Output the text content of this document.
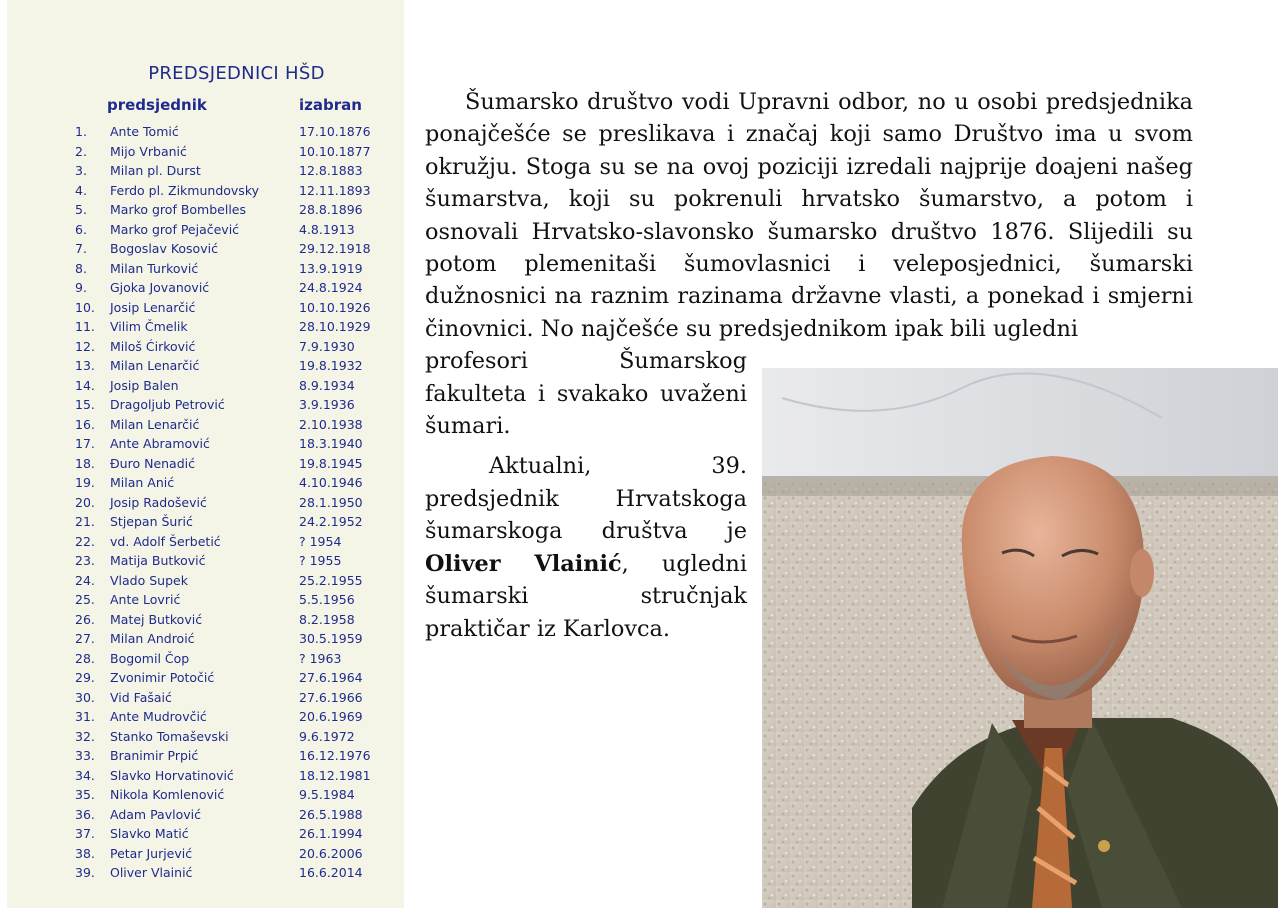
PREDSJEDNICI HŠD
predsjednik	izabran
1. Ante Tomić	17.10.1876
2. Mijo Vrbanić	10.10.1877
3. Milan pl. Durst	12.8.1883
4. Ferdo pl. Zikmundovsky	12.11.1893
5. Marko grof Bombelles	28.8.1896
6. Marko grof Pejačević	4.8.1913
7. Bogoslav Kosović	29.12.1918
8. Milan Turković	13.9.1919
9. Gjoka Jovanović	24.8.1924
10. Josip Lenarčić	10.10.1926
11. Vilim Čmelik	28.10.1929
12. Miloš Ćirković	7.9.1930
13. Milan Lenarčić	19.8.1932
14. Josip Balen	8.9.1934
15. Dragoljub Petrović	3.9.1936
16. Milan Lenarčić	2.10.1938
17. Ante Abramović	18.3.1940
18. Đuro Nenadić	19.8.1945
19. Milan Anić	4.10.1946
20. Josip Radošević	28.1.1950
21. Stjepan Šurić	24.2.1952
22. vd. Adolf Šerbetić	? 1954
23. Matija Butković	? 1955
24. Vlado Supek	25.2.1955
25. Ante Lovrić	5.5.1956
26. Matej Butković	8.2.1958
27. Milan Androić	30.5.1959
28. Bogomil Čop	? 1963
29. Zvonimir Potočić	27.6.1964
30. Vid Fašaić	27.6.1966
31. Ante Mudrovčić	20.6.1969
32. Stanko Tomaševski	9.6.1972
33. Branimir Prpić	16.12.1976
34. Slavko Horvatinović	18.12.1981
35. Nikola Komlenović	9.5.1984
36. Adam Pavlović	26.5.1988
37. Slavko Matić	26.1.1994
38. Petar Jurjević	20.6.2006
39. Oliver Vlainić	16.6.2014

Šumarsko društvo vodi Upravni odbor, no u osobi predsjednika ponajčešće se preslikava i značaj koji samo Društvo ima u svom okružju. Stoga su se na ovoj poziciji izredali najprije doajeni našeg šumarstva, koji su pokrenuli hrvatsko šumarstvo, a potom i osnovali Hrvatsko-slavonsko šumarsko društvo 1876. Slijedili su potom plemenitaši šumovlasnici i veleposjednici, šumarski dužnosnici na raznim razinama državne vlasti, a ponekad i smjerni činovnici. No najčešće su predsjednikom ipak bili ugledni

profesori Šumarskog fakulteta i svakako uvaženi šumari.

Aktualni, 39. predsjednik Hrvatskoga šumarskoga društva je Oliver Vlainić, ugledni šumarski stručnjak praktičar iz Karlovca.
